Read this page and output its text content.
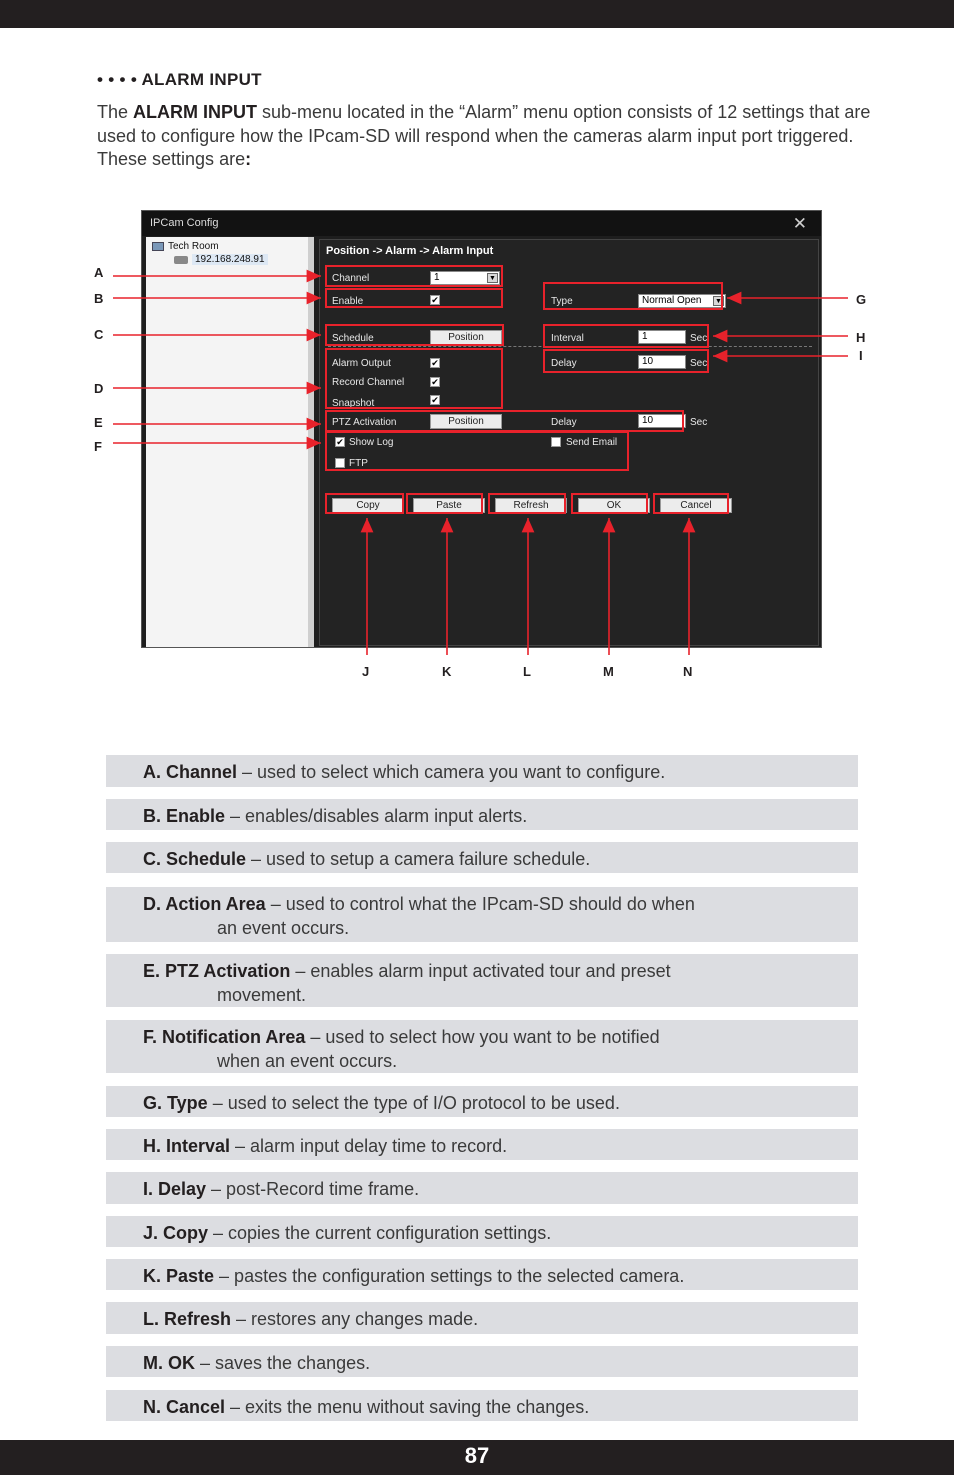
• • • • ALARM INPUT
The ALARM INPUT sub-menu located in the “Alarm” menu option consists of 12 settings that are used to configure how the IPcam-SD will respond when the cameras alarm input port triggered. These settings are:
IPCam Config	✕
Tech Room
192.168.248.91
Position -> Alarm -> Alarm Input
Channel	1	▼
Enable	✔	Type	Normal Open ▼
Schedule	Position	Interval	1	Sec
Alarm Output	✔	Delay	10	Sec
Record Channel	✔
Snapshot	✔
PTZ Activation	Position	Delay	10	Sec
✔ Show Log	Send Email
FTP
Copy	Paste	Refresh	OK	Cancel
A
B
C
D
E
F
G
H
I
J	K	L	M	N
A. Channel – used to select which camera you want to configure.
B. Enable – enables/disables alarm input alerts.
C. Schedule – used to setup a camera failure schedule.
D. Action Area – used to control what the IPcam-SD should do when
an event occurs.
E. PTZ Activation – enables alarm input activated tour and preset
movement.
F. Notification Area – used to select how you want to be notified
when an event occurs.
G. Type – used to select the type of I/O protocol to be used.
H. Interval – alarm input delay time to record.
I. Delay – post-Record time frame.
J. Copy – copies the current configuration settings.
K. Paste – pastes the configuration settings to the selected camera.
L. Refresh – restores any changes made.
M. OK – saves the changes.
N. Cancel – exits the menu without saving the changes.
87
